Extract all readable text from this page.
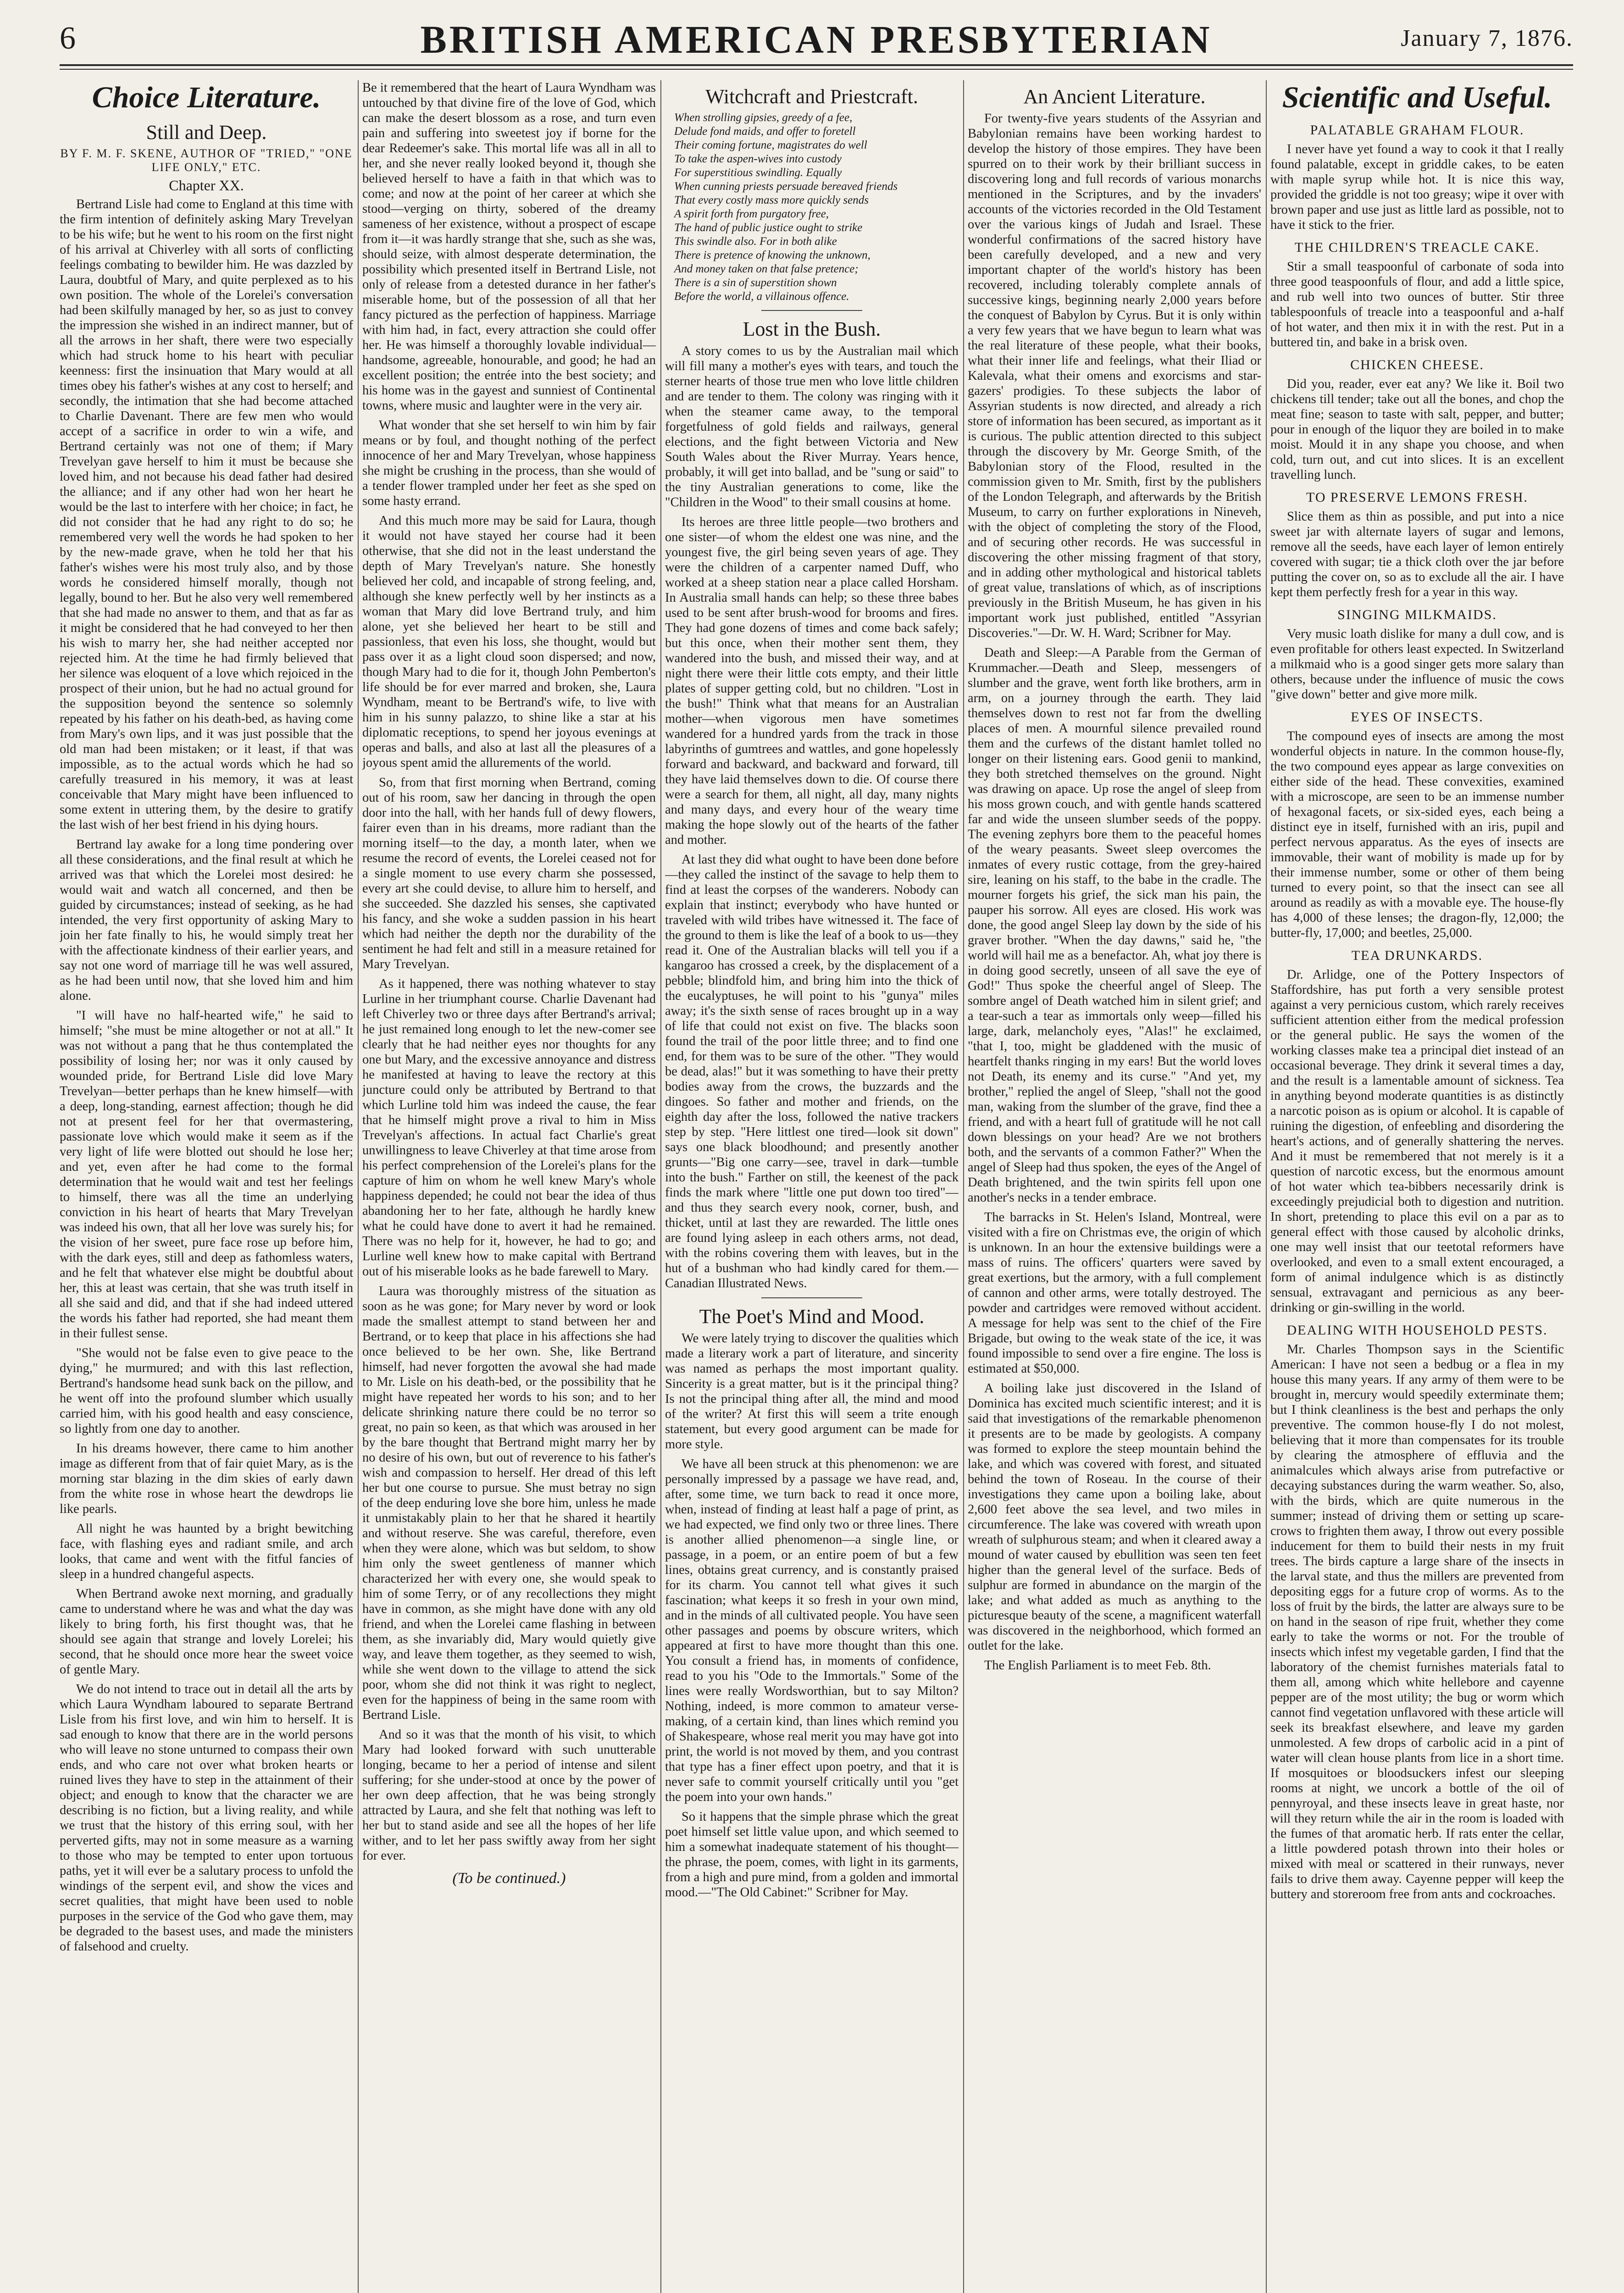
6	BRITISH AMERICAN PRESBYTERIAN	January 7, 1876.
Choice Literature.
Still and Deep.
BY F. M. F. SKENE, AUTHOR OF "TRIED," "ONE LIFE ONLY," ETC.
Chapter XX.

Bertrand Lisle had come to England at this time with the firm intention of definitely asking Mary Trevelyan to be his wife; but he went to his room on the first night of his arrival at Chiverley with all sorts of conflicting feelings combating to bewilder him. He was dazzled by Laura, doubtful of Mary, and quite perplexed as to his own position. The whole of the Lorelei's conversation had been skilfully managed by her, so as just to convey the impression she wished in an indirect manner, but of all the arrows in her shaft, there were two especially which had struck home to his heart with peculiar keenness: first the insinuation that Mary would at all times obey his father's wishes at any cost to herself; and secondly, the intimation that she had become attached to Charlie Davenant. There are few men who would accept of a sacrifice in order to win a wife, and Bertrand certainly was not one of them; if Mary Trevelyan gave herself to him it must be because she loved him, and not because his dead father had desired the alliance; and if any other had won her heart he would be the last to interfere with her choice; in fact, he did not consider that he had any right to do so; he remembered very well the words he had spoken to her by the new-made grave, when he told her that his father's wishes were his most truly also, and by those words he considered himself morally, though not legally, bound to her. But he also very well remembered that she had made no answer to them, and that as far as it might be considered that he had conveyed to her then his wish to marry her, she had neither accepted nor rejected him. At the time he had firmly believed that her silence was eloquent of a love which rejoiced in the prospect of their union, but he had no actual ground for the supposition beyond the sentence so solemnly repeated by his father on his death-bed, as having come from Mary's own lips, and it was just possible that the old man had been mistaken; or it least, if that was impossible, as to the actual words which he had so carefully treasured in his memory, it was at least conceivable that Mary might have been influenced to some extent in uttering them, by the desire to gratify the last wish of her best friend in his dying hours.

Bertrand lay awake for a long time pondering over all these considerations, and the final result at which he arrived was that which the Lorelei most desired: he would wait and watch all concerned, and then be guided by circumstances; instead of seeking, as he had intended, the very first opportunity of asking Mary to join her fate finally to his, he would simply treat her with the affectionate kindness of their earlier years, and say not one word of marriage till he was well assured, as he had been until now, that she loved him and him alone.

"I will have no half-hearted wife," he said to himself; "she must be mine altogether or not at all." It was not without a pang that he thus contemplated the possibility of losing her; nor was it only caused by wounded pride, for Bertrand Lisle did love Mary Trevelyan—better perhaps than he knew himself—with a deep, long-standing, earnest affection; though he did not at present feel for her that overmastering, passionate love which would make it seem as if the very light of life were blotted out should he lose her; and yet, even after he had come to the formal determination that he would wait and test her feelings to himself, there was all the time an underlying conviction in his heart of hearts that Mary Trevelyan was indeed his own, that all her love was surely his; for the vision of her sweet, pure face rose up before him, with the dark eyes, still and deep as fathomless waters, and he felt that whatever else might be doubtful about her, this at least was certain, that she was truth itself in all she said and did, and that if she had indeed uttered the words his father had reported, she had meant them in their fullest sense.

"She would not be false even to give peace to the dying," he murmured; and with this last reflection, Bertrand's handsome head sunk back on the pillow, and he went off into the profound slumber which usually carried him, with his good health and easy conscience, so lightly from one day to another.

In his dreams however, there came to him another image as different from that of fair quiet Mary, as is the morning star blazing in the dim skies of early dawn from the white rose in whose heart the dewdrops lie like pearls.

All night he was haunted by a bright bewitching face, with flashing eyes and radiant smile, and arch looks, that came and went with the fitful fancies of sleep in a hundred changeful aspects.

When Bertrand awoke next morning, and gradually came to understand where he was and what the day was likely to bring forth, his first thought was, that he should see again that strange and lovely Lorelei; his second, that he should once more hear the sweet voice of gentle Mary.

We do not intend to trace out in detail all the arts by which Laura Wyndham laboured to separate Bertrand Lisle from his first love, and win him to herself. It is sad enough to know that there are in the world persons who will leave no stone unturned to compass their own ends, and who care not over what broken hearts or ruined lives they have to step in the attainment of their object; and enough to know that the character we are describing is no fiction, but a living reality, and while we trust that the history of this erring soul, with her perverted gifts, may not in some measure as a warning to those who may be tempted to enter upon tortuous paths, yet it will ever be a salutary process to unfold the windings of the serpent evil, and show the vices and secret qualities, that might have been used to noble purposes in the service of the God who gave them, may be degraded to the basest uses, and made the ministers of falsehood and cruelty.

Be it remembered that the heart of Laura Wyndham was untouched by that divine fire of the love of God, which can make the desert blossom as a rose, and turn even pain and suffering into sweetest joy if borne for the dear Redeemer's sake. This mortal life was all in all to her, and she never really looked beyond it, though she believed herself to have a faith in that which was to come; and now at the point of her career at which she stood—verging on thirty, sobered of the dreamy sameness of her existence, without a prospect of escape from it—it was hardly strange that she, such as she was, should seize, with almost desperate determination, the possibility which presented itself in Bertrand Lisle, not only of release from a detested durance in her father's miserable home, but of the possession of all that her fancy pictured as the perfection of happiness. Marriage with him had, in fact, every attraction she could offer her. He was himself a thoroughly lovable individual—handsome, agreeable, honourable, and good; he had an excellent position; the entrée into the best society; and his home was in the gayest and sunniest of Continental towns, where music and laughter were in the very air.

What wonder that she set herself to win him by fair means or by foul, and thought nothing of the perfect innocence of her and Mary Trevelyan, whose happiness she might be crushing in the process, than she would of a tender flower trampled under her feet as she sped on some hasty errand.

And this much more may be said for Laura, though it would not have stayed her course had it been otherwise, that she did not in the least understand the depth of Mary Trevelyan's nature. She honestly believed her cold, and incapable of strong feeling, and, although she knew perfectly well by her instincts as a woman that Mary did love Bertrand truly, and him alone, yet she believed her heart to be still and passionless, that even his loss, she thought, would but pass over it as a light cloud soon dispersed; and now, though Mary had to die for it, though John Pemberton's life should be for ever marred and broken, she, Laura Wyndham, meant to be Bertrand's wife, to live with him in his sunny palazzo, to shine like a star at his diplomatic receptions, to spend her joyous evenings at operas and balls, and also at last all the pleasures of a joyous spent amid the allurements of the world.

So, from that first morning when Bertrand, coming out of his room, saw her dancing in through the open door into the hall, with her hands full of dewy flowers, fairer even than in his dreams, more radiant than the morning itself—to the day, a month later, when we resume the record of events, the Lorelei ceased not for a single moment to use every charm she possessed, every art she could devise, to allure him to herself, and she succeeded. She dazzled his senses, she captivated his fancy, and she woke a sudden passion in his heart which had neither the depth nor the durability of the sentiment he had felt and still in a measure retained for Mary Trevelyan.

As it happened, there was nothing whatever to stay Lurline in her triumphant course. Charlie Davenant had left Chiverley two or three days after Bertrand's arrival; he just remained long enough to let the new-comer see clearly that he had neither eyes nor thoughts for any one but Mary, and the excessive annoyance and distress he manifested at having to leave the rectory at this juncture could only be attributed by Bertrand to that which Lurline told him was indeed the cause, the fear that he himself might prove a rival to him in Miss Trevelyan's affections. In actual fact Charlie's great unwillingness to leave Chiverley at that time arose from his perfect comprehension of the Lorelei's plans for the capture of him on whom he well knew Mary's whole happiness depended; he could not bear the idea of thus abandoning her to her fate, although he hardly knew what he could have done to avert it had he remained. There was no help for it, however, he had to go; and Lurline well knew how to make capital with Bertrand out of his miserable looks as he bade farewell to Mary.

Laura was thoroughly mistress of the situation as soon as he was gone; for Mary never by word or look made the smallest attempt to stand between her and Bertrand, or to keep that place in his affections she had once believed to be her own. She, like Bertrand himself, had never forgotten the avowal she had made to Mr. Lisle on his death-bed, or the possibility that he might have repeated her words to his son; and to her delicate shrinking nature there could be no terror so great, no pain so keen, as that which was aroused in her by the bare thought that Bertrand might marry her by no desire of his own, but out of reverence to his father's wish and compassion to herself. Her dread of this left her but one course to pursue. She must betray no sign of the deep enduring love she bore him, unless he made it unmistakably plain to her that he shared it heartily and without reserve. She was careful, therefore, even when they were alone, which was but seldom, to show him only the sweet gentleness of manner which characterized her with every one, she would speak to him of some Terry, or of any recollections they might have in common, as she might have done with any old friend, and when the Lorelei came flashing in between them, as she invariably did, Mary would quietly give way, and leave them together, as they seemed to wish, while she went down to the village to attend the sick poor, whom she did not think it was right to neglect, even for the happiness of being in the same room with Bertrand Lisle.

And so it was that the month of his visit, to which Mary had looked forward with such unutterable longing, became to her a period of intense and silent suffering; for she under-stood at once by the power of her own deep affection, that he was being strongly attracted by Laura, and she felt that nothing was left to her but to stand aside and see all the hopes of her life wither, and to let her pass swiftly away from her sight for ever.

(To be continued.)
Witchcraft and Priestcraft.
When strolling gipsies, greedy of a fee,
Delude fond maids, and offer to foretell
Their coming fortune, magistrates do well
To take the aspen-wives into custody
For superstitious swindling. Equally
When cunning priests persuade bereaved friends
That every costly mass more quickly sends
A spirit forth from purgatory free,
The hand of public justice ought to strike
This swindle also. For in both alike
There is pretence of knowing the unknown,
And money taken on that false pretence;
There is a sin of superstition shown
Before the world, a villainous offence.
Lost in the Bush.

A story comes to us by the Australian mail which will fill many a mother's eyes with tears, and touch the sterner hearts of those true men who love little children and are tender to them. The colony was ringing with it when the steamer came away, to the temporal forgetfulness of gold fields and railways, general elections, and the fight between Victoria and New South Wales about the River Murray. Years hence, probably, it will get into ballad, and be "sung or said" to the tiny Australian generations to come, like the "Children in the Wood" to their small cousins at home.

Its heroes are three little people—two brothers and one sister—of whom the eldest one was nine, and the youngest five, the girl being seven years of age. They were the children of a carpenter named Duff, who worked at a sheep station near a place called Horsham. In Australia small hands can help; so these three babes used to be sent after brush-wood for brooms and fires. They had gone dozens of times and come back safely; but this once, when their mother sent them, they wandered into the bush, and missed their way, and at night there were their little cots empty, and their little plates of supper getting cold, but no children. "Lost in the bush!" Think what that means for an Australian mother—when vigorous men have sometimes wandered for a hundred yards from the track in those labyrinths of gumtrees and wattles, and gone hopelessly forward and backward, and backward and forward, till they have laid themselves down to die. Of course there were a search for them, all night, all day, many nights and many days, and every hour of the weary time making the hope slowly out of the hearts of the father and mother.

At last they did what ought to have been done before—they called the instinct of the savage to help them to find at least the corpses of the wanderers. Nobody can explain that instinct; everybody who have hunted or traveled with wild tribes have witnessed it. The face of the ground to them is like the leaf of a book to us—they read it. One of the Australian blacks will tell you if a kangaroo has crossed a creek, by the displacement of a pebble; blindfold him, and bring him into the thick of the eucalyptuses, he will point to his "gunya" miles away; it's the sixth sense of races brought up in a way of life that could not exist on five. The blacks soon found the trail of the poor little three; and to find one end, for them was to be sure of the other. "They would be dead, alas!" but it was something to have their pretty bodies away from the crows, the buzzards and the dingoes. So father and mother and friends, on the eighth day after the loss, followed the native trackers step by step. "Here littlest one tired—look sit down" says one black bloodhound; and presently another grunts—"Big one carry—see, travel in dark—tumble into the bush." Farther on still, the keenest of the pack finds the mark where "little one put down too tired"—and thus they search every nook, corner, bush, and thicket, until at last they are rewarded. The little ones are found lying asleep in each others arms, not dead, with the robins covering them with leaves, but in the hut of a bushman who had kindly cared for them.—Canadian Illustrated News.

The Poet's Mind and Mood.

We were lately trying to discover the qualities which made a literary work a part of literature, and sincerity was named as perhaps the most important quality. Sincerity is a great matter, but is it the principal thing? Is not the principal thing after all, the mind and mood of the writer? At first this will seem a trite enough statement, but every good argument can be made for more style.

We have all been struck at this phenomenon: we are personally impressed by a passage we have read, and, after, some time, we turn back to read it once more, when, instead of finding at least half a page of print, as we had expected, we find only two or three lines. There is another allied phenomenon—a single line, or passage, in a poem, or an entire poem of but a few lines, obtains great currency, and is constantly praised for its charm. You cannot tell what gives it such fascination; what keeps it so fresh in your own mind, and in the minds of all cultivated people. You have seen other passages and poems by obscure writers, which appeared at first to have more thought than this one. You consult a friend has, in moments of confidence, read to you his "Ode to the Immortals." Some of the lines were really Wordsworthian, but to say Milton? Nothing, indeed, is more common to amateur verse-making, of a certain kind, than lines which remind you of Shakespeare, whose real merit you may have got into print, the world is not moved by them, and you contrast that type has a finer effect upon poetry, and that it is never safe to commit yourself critically until you "get the poem into your own hands."

So it happens that the simple phrase which the great poet himself set little value upon, and which seemed to him a somewhat inadequate statement of his thought—the phrase, the poem, comes, with light in its garments, from a high and pure mind, from a golden and immortal mood.—"The Old Cabinet:" Scribner for May.

An Ancient Literature.

For twenty-five years students of the Assyrian and Babylonian remains have been working hardest to develop the history of those empires. They have been spurred on to their work by their brilliant success in discovering long and full records of various monarchs mentioned in the Scriptures, and by the invaders' accounts of the victories recorded in the Old Testament over the various kings of Judah and Israel. These wonderful confirmations of the sacred history have been carefully developed, and a new and very important chapter of the world's history has been recovered, including tolerably complete annals of successive kings, beginning nearly 2,000 years before the conquest of Babylon by Cyrus. But it is only within a very few years that we have begun to learn what was the real literature of these people, what their books, what their inner life and feelings, what their Iliad or Kalevala, what their omens and exorcisms and star-gazers' prodigies. To these subjects the labor of Assyrian students is now directed, and already a rich store of information has been secured, as important as it is curious. The public attention directed to this subject through the discovery by Mr. George Smith, of the Babylonian story of the Flood, resulted in the commission given to Mr. Smith, first by the publishers of the London Telegraph, and afterwards by the British Museum, to carry on further explorations in Nineveh, with the object of completing the story of the Flood, and of securing other records. He was successful in discovering the other missing fragment of that story, and in adding other mythological and historical tablets of great value, translations of which, as of inscriptions previously in the British Museum, he has given in his important work just published, entitled "Assyrian Discoveries."—Dr. W. H. Ward; Scribner for May.

Death and Sleep:—A Parable from the German of Krummacher.—Death and Sleep, messengers of slumber and the grave, went forth like brothers, arm in arm, on a journey through the earth. They laid themselves down to rest not far from the dwelling places of men. A mournful silence prevailed round them and the curfews of the distant hamlet tolled no longer on their listening ears. Good genii to mankind, they both stretched themselves on the ground. Night was drawing on apace. Up rose the angel of sleep from his moss grown couch, and with gentle hands scattered far and wide the unseen slumber seeds of the poppy. The evening zephyrs bore them to the peaceful homes of the weary peasants. Sweet sleep overcomes the inmates of every rustic cottage, from the grey-haired sire, leaning on his staff, to the babe in the cradle. The mourner forgets his grief, the sick man his pain, the pauper his sorrow. All eyes are closed. His work was done, the good angel Sleep lay down by the side of his graver brother. "When the day dawns," said he, "the world will hail me as a benefactor. Ah, what joy there is in doing good secretly, unseen of all save the eye of God!" Thus spoke the cheerful angel of Sleep. The sombre angel of Death watched him in silent grief; and a tear-such a tear as immortals only weep—filled his large, dark, melancholy eyes, "Alas!" he exclaimed, "that I, too, might be gladdened with the music of heartfelt thanks ringing in my ears! But the world loves not Death, its enemy and its curse." "And yet, my brother," replied the angel of Sleep, "shall not the good man, waking from the slumber of the grave, find thee a friend, and with a heart full of gratitude will he not call down blessings on your head? Are we not brothers both, and the servants of a common Father?" When the angel of Sleep had thus spoken, the eyes of the Angel of Death brightened, and the twin spirits fell upon one another's necks in a tender embrace.

The barracks in St. Helen's Island, Montreal, were visited with a fire on Christmas eve, the origin of which is unknown. In an hour the extensive buildings were a mass of ruins. The officers' quarters were saved by great exertions, but the armory, with a full complement of cannon and other arms, were totally destroyed. The powder and cartridges were removed without accident. A message for help was sent to the chief of the Fire Brigade, but owing to the weak state of the ice, it was found impossible to send over a fire engine. The loss is estimated at $50,000.

A boiling lake just discovered in the Island of Dominica has excited much scientific interest; and it is said that investigations of the remarkable phenomenon it presents are to be made by geologists. A company was formed to explore the steep mountain behind the lake, and which was covered with forest, and situated behind the town of Roseau. In the course of their investigations they came upon a boiling lake, about 2,600 feet above the sea level, and two miles in circumference. The lake was covered with wreath upon wreath of sulphurous steam; and when it cleared away a mound of water caused by ebullition was seen ten feet higher than the general level of the surface. Beds of sulphur are formed in abundance on the margin of the lake; and what added as much as anything to the picturesque beauty of the scene, a magnificent waterfall was discovered in the neighborhood, which formed an outlet for the lake.

The English Parliament is to meet Feb. 8th.

Scientific and Useful.
PALATABLE GRAHAM FLOUR.

I never have yet found a way to cook it that I really found palatable, except in griddle cakes, to be eaten with maple syrup while hot. It is nice this way, provided the griddle is not too greasy; wipe it over with brown paper and use just as little lard as possible, not to have it stick to the frier.

THE CHILDREN'S TREACLE CAKE.

Stir a small teaspoonful of carbonate of soda into three good teaspoonfuls of flour, and add a little spice, and rub well into two ounces of butter. Stir three tablespoonfuls of treacle into a teaspoonful and a-half of hot water, and then mix it in with the rest. Put in a buttered tin, and bake in a brisk oven.

CHICKEN CHEESE.

Did you, reader, ever eat any? We like it. Boil two chickens till tender; take out all the bones, and chop the meat fine; season to taste with salt, pepper, and butter; pour in enough of the liquor they are boiled in to make moist. Mould it in any shape you choose, and when cold, turn out, and cut into slices. It is an excellent travelling lunch.

TO PRESERVE LEMONS FRESH.

Slice them as thin as possible, and put into a nice sweet jar with alternate layers of sugar and lemons, remove all the seeds, have each layer of lemon entirely covered with sugar; tie a thick cloth over the jar before putting the cover on, so as to exclude all the air. I have kept them perfectly fresh for a year in this way.

SINGING MILKMAIDS.

Very music loath dislike for many a dull cow, and is even profitable for others least expected. In Switzerland a milkmaid who is a good singer gets more salary than others, because under the influence of music the cows "give down" better and give more milk.

EYES OF INSECTS.

The compound eyes of insects are among the most wonderful objects in nature. In the common house-fly, the two compound eyes appear as large convexities on either side of the head. These convexities, examined with a microscope, are seen to be an immense number of hexagonal facets, or six-sided eyes, each being a distinct eye in itself, furnished with an iris, pupil and perfect nervous apparatus. As the eyes of insects are immovable, their want of mobility is made up for by their immense number, some or other of them being turned to every point, so that the insect can see all around as readily as with a movable eye. The house-fly has 4,000 of these lenses; the dragon-fly, 12,000; the butter-fly, 17,000; and beetles, 25,000.

TEA DRUNKARDS.

Dr. Arlidge, one of the Pottery Inspectors of Staffordshire, has put forth a very sensible protest against a very pernicious custom, which rarely receives sufficient attention either from the medical profession or the general public. He says the women of the working classes make tea a principal diet instead of an occasional beverage. They drink it several times a day, and the result is a lamentable amount of sickness. Tea in anything beyond moderate quantities is as distinctly a narcotic poison as is opium or alcohol. It is capable of ruining the digestion, of enfeebling and disordering the heart's actions, and of generally shattering the nerves. And it must be remembered that not merely is it a question of narcotic excess, but the enormous amount of hot water which tea-bibbers necessarily drink is exceedingly prejudicial both to digestion and nutrition. In short, pretending to place this evil on a par as to general effect with those caused by alcoholic drinks, one may well insist that our teetotal reformers have overlooked, and even to a small extent encouraged, a form of animal indulgence which is as distinctly sensual, extravagant and pernicious as any beer-drinking or gin-swilling in the world.

DEALING WITH HOUSEHOLD PESTS.

Mr. Charles Thompson says in the Scientific American: I have not seen a bedbug or a flea in my house this many years. If any army of them were to be brought in, mercury would speedily exterminate them; but I think cleanliness is the best and perhaps the only preventive. The common house-fly I do not molest, believing that it more than compensates for its trouble by clearing the atmosphere of effluvia and the animalcules which always arise from putrefactive or decaying substances during the warm weather. So, also, with the birds, which are quite numerous in the summer; instead of driving them or setting up scare-crows to frighten them away, I throw out every possible inducement for them to build their nests in my fruit trees. The birds capture a large share of the insects in the larval state, and thus the millers are prevented from depositing eggs for a future crop of worms. As to the loss of fruit by the birds, the latter are always sure to be on hand in the season of ripe fruit, whether they come early to take the worms or not. For the trouble of insects which infest my vegetable garden, I find that the laboratory of the chemist furnishes materials fatal to them all, among which white hellebore and cayenne pepper are of the most utility; the bug or worm which cannot find vegetation unflavored with these article will seek its breakfast elsewhere, and leave my garden unmolested. A few drops of carbolic acid in a pint of water will clean house plants from lice in a short time. If mosquitoes or bloodsuckers infest our sleeping rooms at night, we uncork a bottle of the oil of pennyroyal, and these insects leave in great haste, nor will they return while the air in the room is loaded with the fumes of that aromatic herb. If rats enter the cellar, a little powdered potash thrown into their holes or mixed with meal or scattered in their runways, never fails to drive them away. Cayenne pepper will keep the buttery and storeroom free from ants and cockroaches.
